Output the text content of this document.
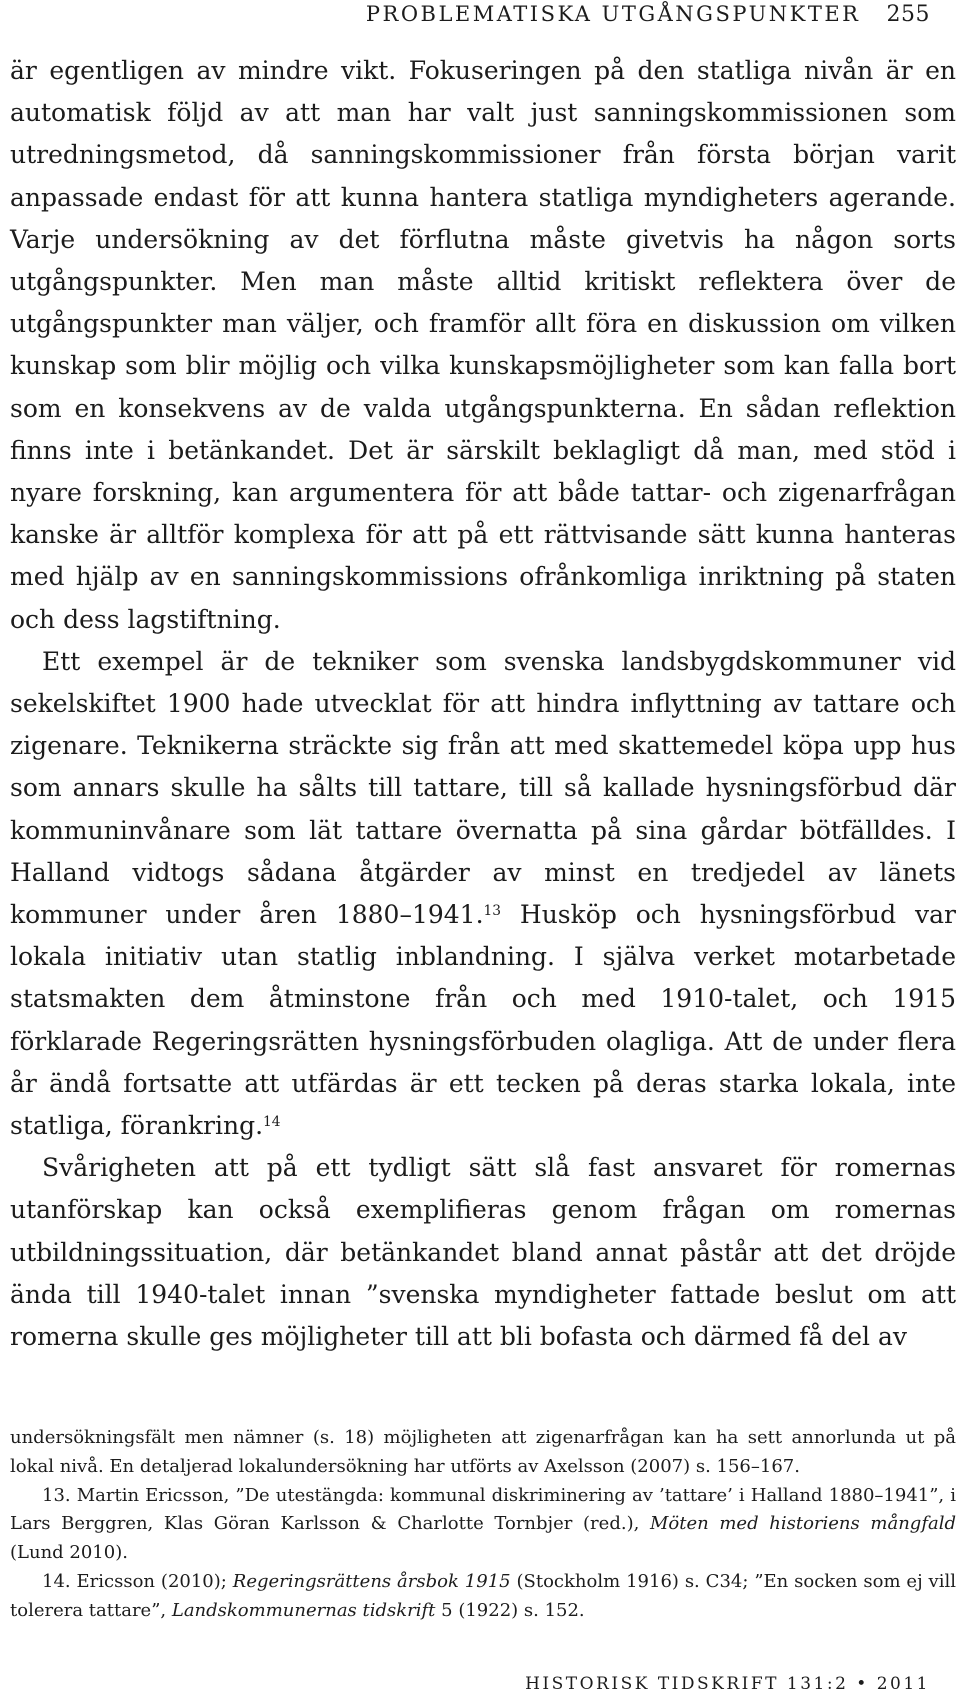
PROBLEMATISKA UTGÅNGSPUNKTER 255

är egentligen av mindre vikt. Fokuseringen på den statliga nivån är en automatisk följd av att man har valt just sanningskommissionen som utredningsmetod, då sanningskommissioner från första början varit anpassade endast för att kunna hantera statliga myndigheters agerande. Varje undersökning av det förflutna måste givetvis ha någon sorts utgångspunkter. Men man måste alltid kritiskt reflektera över de utgångspunkter man väljer, och framför allt föra en diskussion om vilken kunskap som blir möjlig och vilka kunskapsmöjligheter som kan falla bort som en konsekvens av de valda utgångspunkterna. En sådan reflektion finns inte i betänkandet. Det är särskilt beklagligt då man, med stöd i nyare forskning, kan argumentera för att både tattar- och zigenarfrågan kanske är alltför komplexa för att på ett rättvisande sätt kunna hanteras med hjälp av en sanningskommissions ofrånkomliga inriktning på staten och dess lagstiftning.

Ett exempel är de tekniker som svenska landsbygdskommuner vid sekelskiftet 1900 hade utvecklat för att hindra inflyttning av tattare och zigenare. Teknikerna sträckte sig från att med skattemedel köpa upp hus som annars skulle ha sålts till tattare, till så kallade hysningsförbud där kommuninvånare som lät tattare övernatta på sina gårdar bötfälldes. I Halland vidtogs sådana åtgärder av minst en tredjedel av länets kommuner under åren 1880–1941.13 Husköp och hysningsförbud var lokala initiativ utan statlig inblandning. I själva verket motarbetade statsmakten dem åtminstone från och med 1910-talet, och 1915 förklarade Regeringsrätten hysningsförbuden olagliga. Att de under flera år ändå fortsatte att utfärdas är ett tecken på deras starka lokala, inte statliga, förankring.$^{14}$

Svårigheten att på ett tydligt sätt slå fast ansvaret för romernas utanförskap kan också exemplifieras genom frågan om romernas utbildningssituation, där betänkandet bland annat påstår att det dröjde ända till 1940-talet innan ”svenska myndigheter fattade beslut om att romerna skulle ges möjligheter till att bli bofasta och därmed få del av

undersökningsfält men nämner (s. 18) möjligheten att zigenarfrågan kan ha sett annorlunda ut på lokal nivå. En detaljerad lokalundersökning har utförts av Axelsson (2007) s. 156–167.

13. Martin Ericsson, ”De utestängda: kommunal diskriminering av ’tattare’ i Halland 1880–1941”, i Lars Berggren, Klas Göran Karlsson & Charlotte Tornbjer (red.), Möten med historiens mångfald (Lund 2010).

14. Ericsson (2010); Regeringsrättens årsbok 1915 (Stockholm 1916) s. C34; ”En socken som ej vill tolerera tattare”, Landskommunernas tidskrift 5 (1922) s. 152.

HISTORISK TIDSKRIFT 131:2 • 2011
